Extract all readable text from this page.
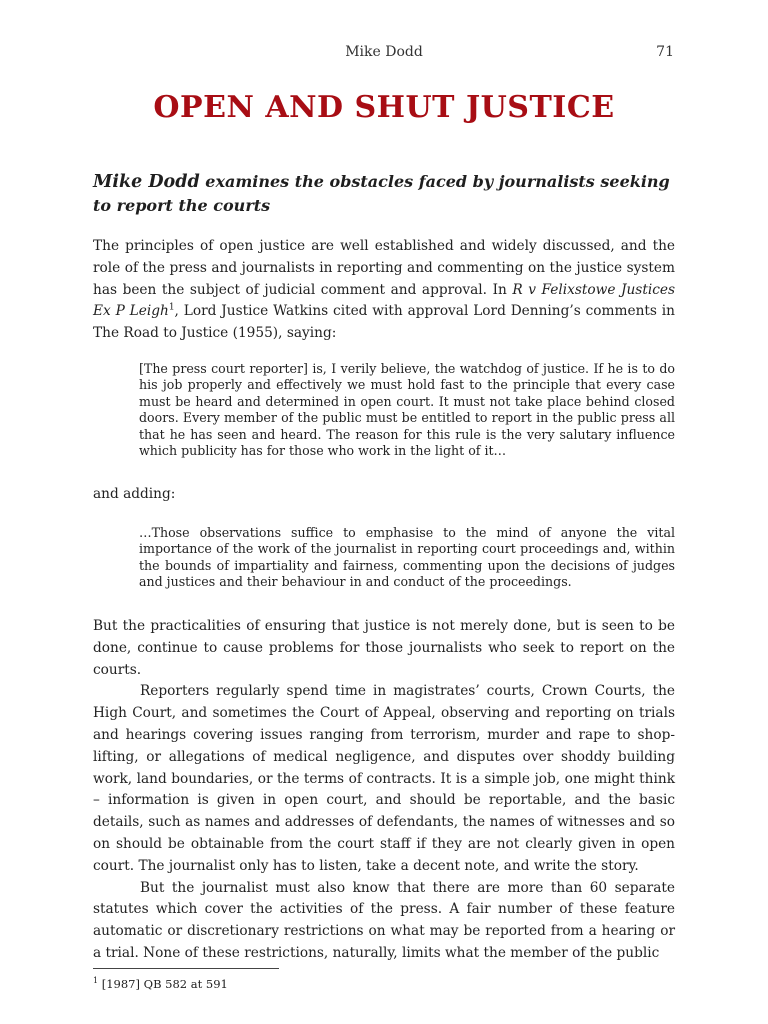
Mike Dodd	71
OPEN AND SHUT JUSTICE
Mike Dodd examines the obstacles faced by journalists seeking to report the courts

The principles of open justice are well established and widely discussed, and the role of the press and journalists in reporting and commenting on the justice system has been the subject of judicial comment and approval. In R v Felixstowe Justices Ex P Leigh$^1$, Lord Justice Watkins cited with approval Lord Denning’s comments in The Road to Justice (1955), saying:

[The press court reporter] is, I verily believe, the watchdog of justice. If he is to do his job properly and effectively we must hold fast to the principle that every case must be heard and determined in open court. It must not take place behind closed doors. Every member of the public must be entitled to report in the public press all that he has seen and heard. The reason for this rule is the very salutary influence which publicity has for those who work in the light of it…
and adding:
…Those observations suffice to emphasise to the mind of anyone the vital importance of the work of the journalist in reporting court proceedings and, within the bounds of impartiality and fairness, commenting upon the decisions of judges and justices and their behaviour in and conduct of the proceedings.

But the practicalities of ensuring that justice is not merely done, but is seen to be done, continue to cause problems for those journalists who seek to report on the courts.

Reporters regularly spend time in magistrates’ courts, Crown Courts, the High Court, and sometimes the Court of Appeal, observing and reporting on trials and hearings covering issues ranging from terrorism, murder and rape to shop-lifting, or allegations of medical negligence, and disputes over shoddy building work, land boundaries, or the terms of contracts. It is a simple job, one might think – information is given in open court, and should be reportable, and the basic details, such as names and addresses of defendants, the names of witnesses and so on should be obtainable from the court staff if they are not clearly given in open court. The journalist only has to listen, take a decent note, and write the story.

But the journalist must also know that there are more than 60 separate statutes which cover the activities of the press. A fair number of these feature automatic or discretionary restrictions on what may be reported from a hearing or a trial. None of these restrictions, naturally, limits what the member of the public

$^1$ [1987] QB 582 at 591
